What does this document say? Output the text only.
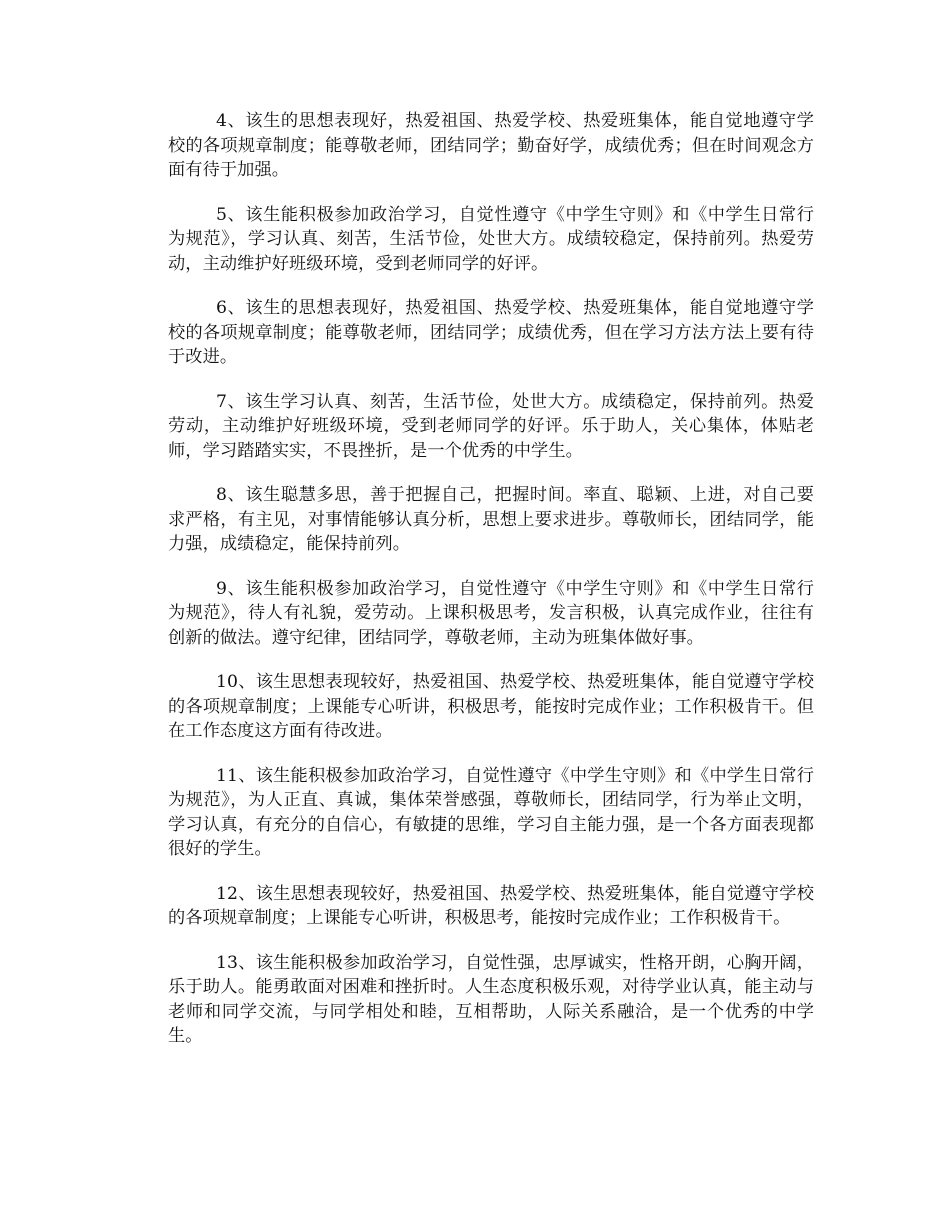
4、该生的思想表现好，热爱祖国、热爱学校、热爱班集体，能自觉地遵守学校的各项规章制度；能尊敬老师，团结同学；勤奋好学，成绩优秀；但在时间观念方面有待于加强。

5、该生能积极参加政治学习，自觉性遵守《中学生守则》和《中学生日常行为规范》，学习认真、刻苦，生活节俭，处世大方。成绩较稳定，保持前列。热爱劳动，主动维护好班级环境，受到老师同学的好评。

6、该生的思想表现好，热爱祖国、热爱学校、热爱班集体，能自觉地遵守学校的各项规章制度；能尊敬老师，团结同学；成绩优秀，但在学习方法方法上要有待于改进。

7、该生学习认真、刻苦，生活节俭，处世大方。成绩稳定，保持前列。热爱劳动，主动维护好班级环境，受到老师同学的好评。乐于助人，关心集体，体贴老师，学习踏踏实实，不畏挫折，是一个优秀的中学生。

8、该生聪慧多思，善于把握自己，把握时间。率直、聪颖、上进，对自己要求严格，有主见，对事情能够认真分析，思想上要求进步。尊敬师长，团结同学，能力强，成绩稳定，能保持前列。

9、该生能积极参加政治学习，自觉性遵守《中学生守则》和《中学生日常行为规范》，待人有礼貌，爱劳动。上课积极思考，发言积极，认真完成作业，往往有创新的做法。遵守纪律，团结同学，尊敬老师，主动为班集体做好事。

10、该生思想表现较好，热爱祖国、热爱学校、热爱班集体，能自觉遵守学校的各项规章制度；上课能专心听讲，积极思考，能按时完成作业；工作积极肯干。但在工作态度这方面有待改进。

11、该生能积极参加政治学习，自觉性遵守《中学生守则》和《中学生日常行为规范》，为人正直、真诚，集体荣誉感强，尊敬师长，团结同学，行为举止文明，学习认真，有充分的自信心，有敏捷的思维，学习自主能力强，是一个各方面表现都很好的学生。

12、该生思想表现较好，热爱祖国、热爱学校、热爱班集体，能自觉遵守学校的各项规章制度；上课能专心听讲，积极思考，能按时完成作业；工作积极肯干。

13、该生能积极参加政治学习，自觉性强，忠厚诚实，性格开朗，心胸开阔，乐于助人。能勇敢面对困难和挫折时。人生态度积极乐观，对待学业认真，能主动与老师和同学交流，与同学相处和睦，互相帮助，人际关系融洽，是一个优秀的中学生。
